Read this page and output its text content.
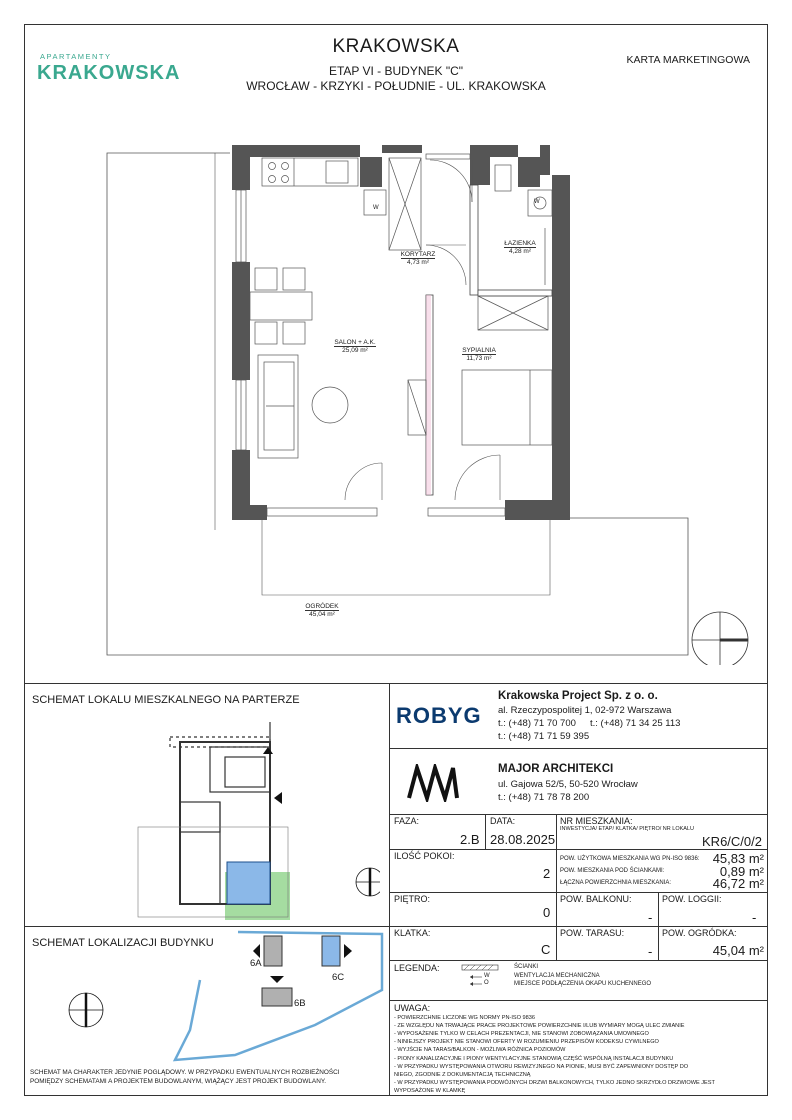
KRAKOWSKA
ETAP VI - BUDYNEK "C"
WROCŁAW - KRZYKI - POŁUDNIE - UL. KRAKOWSKA
KARTA MARKETINGOWA
APARTAMENTY
KRAKOWSKA
W
W
KORYTARZ
4,73 m²
ŁAZIENKA
4,28 m²
SALON + A.K.
25,09 m²	SYPIALNIA
11,73 m²
OGRÓDEK
45,04 m²
SCHEMAT LOKALU MIESZKALNEGO NA PARTERZE
SCHEMAT LOKALIZACJI BUDYNKU
6A
6C
6B
SCHEMAT MA CHARAKTER JEDYNIE POGLĄDOWY. W PRZYPADKU EWENTUALNYCH ROZBIEŻNOŚCI POMIĘDZY SCHEMATAMI A PROJEKTEM BUDOWLANYM, WIĄŻĄCY JEST PROJEKT BUDOWLANY.
ROBYG
Krakowska Project Sp. z o. o.
al. Rzeczypospolitej 1, 02-972 Warszawa
t.: (+48) 71 70 700 t.: (+48) 71 34 25 113
t.: (+48) 71 71 59 395
MAJOR ARCHITEKCI
ul. Gajowa 52/5, 50-520 Wrocław
t.: (+48) 71 78 78 200
FAZA:
2.B
DATA:
28.08.2025
NR MIESZKANIA:
INWESTYCJA/ ETAP/ KLATKA/ PIĘTRO/ NR LOKALU
KR6/C/0/2
ILOŚĆ POKOI:
2
POW. UŻYTKOWA MIESZKANIA WG PN-ISO 9836: 45,83 m²
POW. MIESZKANIA POD ŚCIANKAMI:	0,89 m²
ŁĄCZNA POWIERZCHNIA MIESZKANIA:	46,72 m²
PIĘTRO:
0
POW. BALKONU:
-
POW. LOGGII:
-
KLATKA:
C
POW. TARASU:
-
POW. OGRÓDKA:
45,04 m²
LEGENDA:
W
O
ŚCIANKI
WENTYLACJA MECHANICZNA
MIEJSCE PODŁĄCZENIA OKAPU KUCHENNEGO
UWAGA:
- POWIERZCHNIE LICZONE WG NORMY PN-ISO 9836
- ZE WZGLĘDU NA TRWAJĄCE PRACE PROJEKTOWE POWIERZCHNIE I/LUB WYMIARY MOGĄ ULEC ZMIANIE
- WYPOSAŻENIE TYLKO W CELACH PREZENTACJI, NIE STANOWI ZOBOWIĄZANIA UMOWNEGO
- NINIEJSZY PROJEKT NIE STANOWI OFERTY W ROZUMIENIU PRZEPISÓW KODEKSU CYWILNEGO
- WYJŚCIE NA TARAS/BALKON - MOŻLIWA RÓŻNICA POZIOMÓW
- PIONY KANALIZACYJNE I PIONY WENTYLACYJNE STANOWIĄ CZĘŚĆ WSPÓLNĄ INSTALACJI BUDYNKU
- W PRZYPADKU WYSTĘPOWANIA OTWORU REWIZYJNEGO NA PIONIE, MUSI BYĆ ZAPEWNIONY DOSTĘP DO
NIEGO, ZGODNIE Z DOKUMENTACJĄ TECHNICZNĄ
- W PRZYPADKU WYSTĘPOWANIA PODWÓJNYCH DRZWI BALKONOWYCH, TYLKO JEDNO SKRZYDŁO DRZWIOWE JEST
WYPOSAŻONE W KLAMKĘ
